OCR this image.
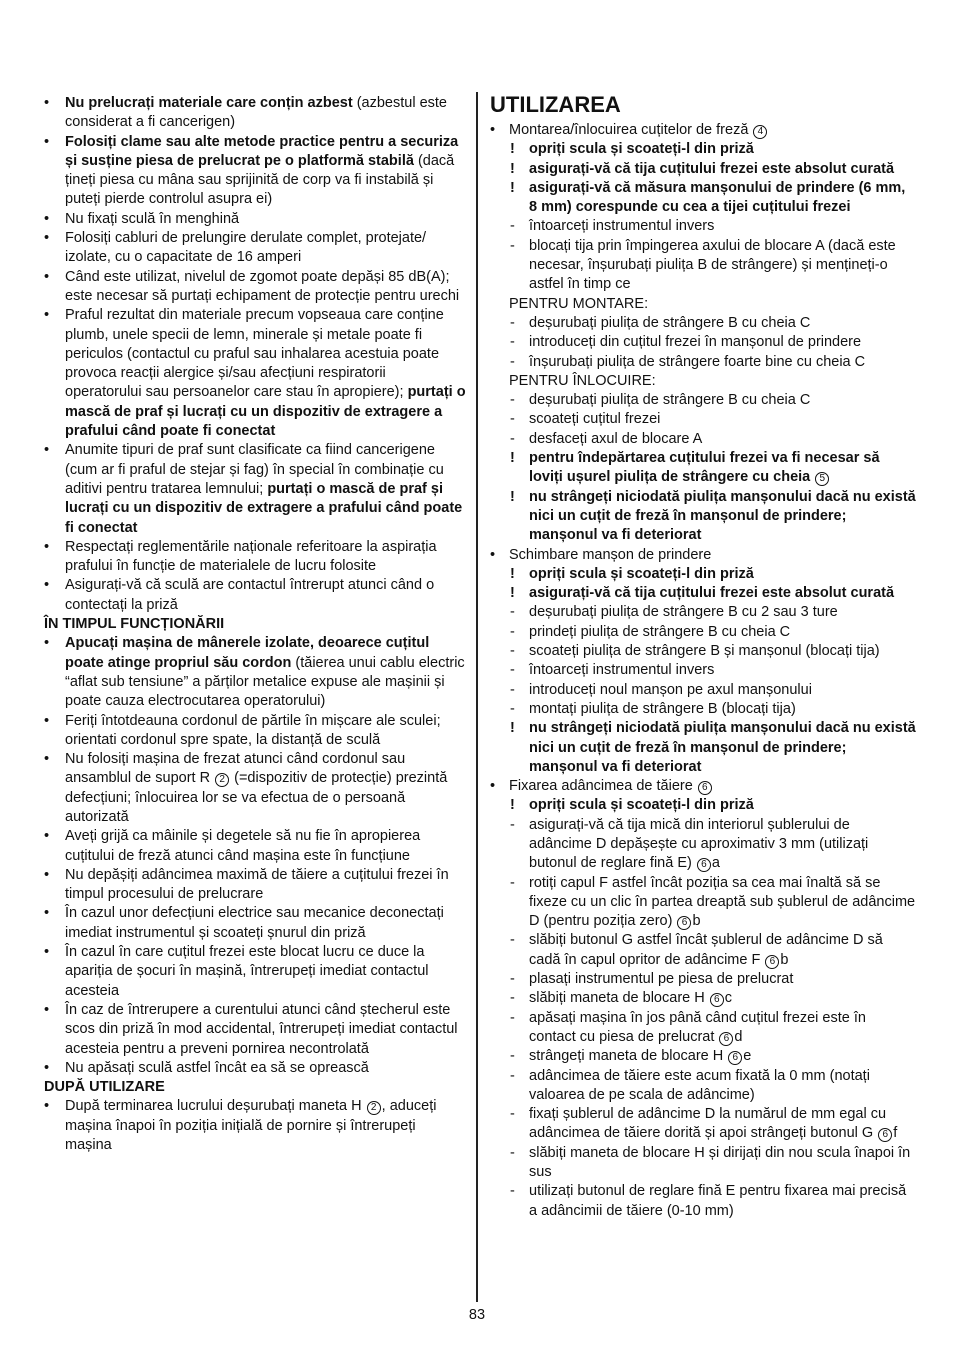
• Nu prelucrați materiale care conțin azbest (azbestul este considerat a fi cancerigen)
• Folosiți clame sau alte metode practice pentru a securiza și susține piesa de prelucrat pe o platformă stabilă (dacă țineți piesa cu mâna sau sprijinită de corp va fi instabilă și puteți pierde controlul asupra ei)
• Nu fixați sculă în menghină
• Folosiți cabluri de prelungire derulate complet, protejate/ izolate, cu o capacitate de 16 amperi
• Când este utilizat, nivelul de zgomot poate depăși 85 dB(A); este necesar să purtați echipament de protecție pentru urechi
• Praful rezultat din materiale precum vopseaua care conține plumb, unele specii de lemn, minerale și metale poate fi periculos (contactul cu praful sau inhalarea acestuia poate provoca reacții alergice și/sau afecțiuni respiratorii operatorului sau persoanelor care stau în apropiere); purtați o mască de praf și lucrați cu un dispozitiv de extragere a prafului când poate fi conectat
• Anumite tipuri de praf sunt clasificate ca fiind cancerigene (cum ar fi praful de stejar și fag) în special în combinație cu aditivi pentru tratarea lemnului; purtați o mască de praf și lucrați cu un dispozitiv de extragere a prafului când poate fi conectat
• Respectați reglementările naționale referitoare la aspirația prafului în funcție de materialele de lucru folosite
• Asigurați-vă că sculă are contactul întrerupt atunci când o contectați la priză
ÎN TIMPUL FUNCȚIONĂRII
• Apucați mașina de mânerele izolate, deoarece cuțitul poate atinge propriul său cordon (tăierea unui cablu electric “aflat sub tensiune” a părților metalice expuse ale mașinii și poate cauza electrocutarea operatorului)
• Feriți întotdeauna cordonul de părtile în mișcare ale sculei; orientati cordonul spre spate, la distanță de sculă
• Nu folosiți mașina de frezat atunci când cordonul sau ansamblul de suport R 2 (=dispozitiv de protecție) prezintă defecțiuni; înlocuirea lor se va efectua de o persoană autorizată
• Aveți grijă ca mâinile și degetele să nu fie în apropierea cuțitului de freză atunci când mașina este în funcțiune
• Nu depășiți adâncimea maximă de tăiere a cuțitului frezei în timpul procesului de prelucrare
• În cazul unor defecțiuni electrice sau mecanice deconectați imediat instrumentul și scoateți șnurul din priză
• În cazul în care cuțitul frezei este blocat lucru ce duce la apariția de șocuri în mașină, întrerupeți imediat contactul acesteia
• În caz de întrerupere a curentului atunci când ștecherul este scos din priză în mod accidental, întrerupeți imediat contactul acesteia pentru a preveni pornirea necontrolată
• Nu apăsați sculă astfel încât ea să se oprească
DUPĂ UTILIZARE
• După terminarea lucrului deșurubați maneta H 2 , aduceți mașina înapoi în poziția inițială de pornire și întrerupeți mașina
UTILIZAREA
• Montarea/înlocuirea cuțitelor de freză 4
! opriți scula și scoateți-l din priză
! asigurați-vă că tija cuțitului frezei este absolut curată
! asigurați-vă că măsura manșonului de prindere (6 mm, 8 mm) corespunde cu cea a tijei cuțitului frezei
- întoarceți instrumentul invers
- blocați tija prin împingerea axului de blocare A (dacă este necesar, înșurubați piulița B de strângere) și mențineți-o astfel în timp ce
PENTRU MONTARE:
- deșurubați piulița de strângere B cu cheia C
- introduceți din cuțitul frezei în manșonul de prindere
- înșurubați piulița de strângere foarte bine cu cheia C
PENTRU ÎNLOCUIRE:
- deșurubați piulița de strângere B cu cheia C
- scoateți cuțitul frezei
- desfaceți axul de blocare A
! pentru îndepărtarea cuțitului frezei va fi necesar să loviți ușurel piulița de strângere cu cheia 5
! nu strângeți niciodată piulița manșonului dacă nu există nici un cuțit de freză în manșonul de prindere; manșonul va fi deteriorat
• Schimbare manșon de prindere
! opriți scula și scoateți-l din priză
! asigurați-vă că tija cuțitului frezei este absolut curată
- deșurubați piulița de strângere B cu 2 sau 3 ture
- prindeți piulița de strângere B cu cheia C
- scoateți piulița de strângere B și manșonul (blocați tija)
- întoarceți instrumentul invers
- introduceți noul manșon pe axul manșonului
- montați piulița de strângere B (blocați tija)
! nu strângeți niciodată piulița manșonului dacă nu există nici un cuțit de freză în manșonul de prindere; manșonul va fi deteriorat
• Fixarea adâncimea de tăiere 6
! opriți scula și scoateți-l din priză
- asigurați-vă că tija mică din interiorul șublerului de adâncime D depășește cu aproximativ 3 mm (utilizați butonul de reglare fină E) 6 a
- rotiți capul F astfel încât poziția sa cea mai înaltă să se fixeze cu un clic în partea dreaptă sub șublerul de adâncime D (pentru poziția zero) 6 b
- slăbiți butonul G astfel încât șublerul de adâncime D să cadă în capul opritor de adâncime F 6 b
- plasați instrumentul pe piesa de prelucrat
- slăbiți maneta de blocare H 6 c
- apăsați mașina în jos până când cuțitul frezei este în contact cu piesa de prelucrat 6 d
- strângeți maneta de blocare H 6 e
- adâncimea de tăiere este acum fixată la 0 mm (notați valoarea de pe scala de adâncime)
- fixați șublerul de adâncime D la numărul de mm egal cu adâncimea de tăiere dorită și apoi strângeți butonul G 6 f
- slăbiți maneta de blocare H și dirijați din nou scula înapoi în sus
- utilizați butonul de reglare fină E pentru fixarea mai precisă a adâncimii de tăiere (0-10 mm)
83
